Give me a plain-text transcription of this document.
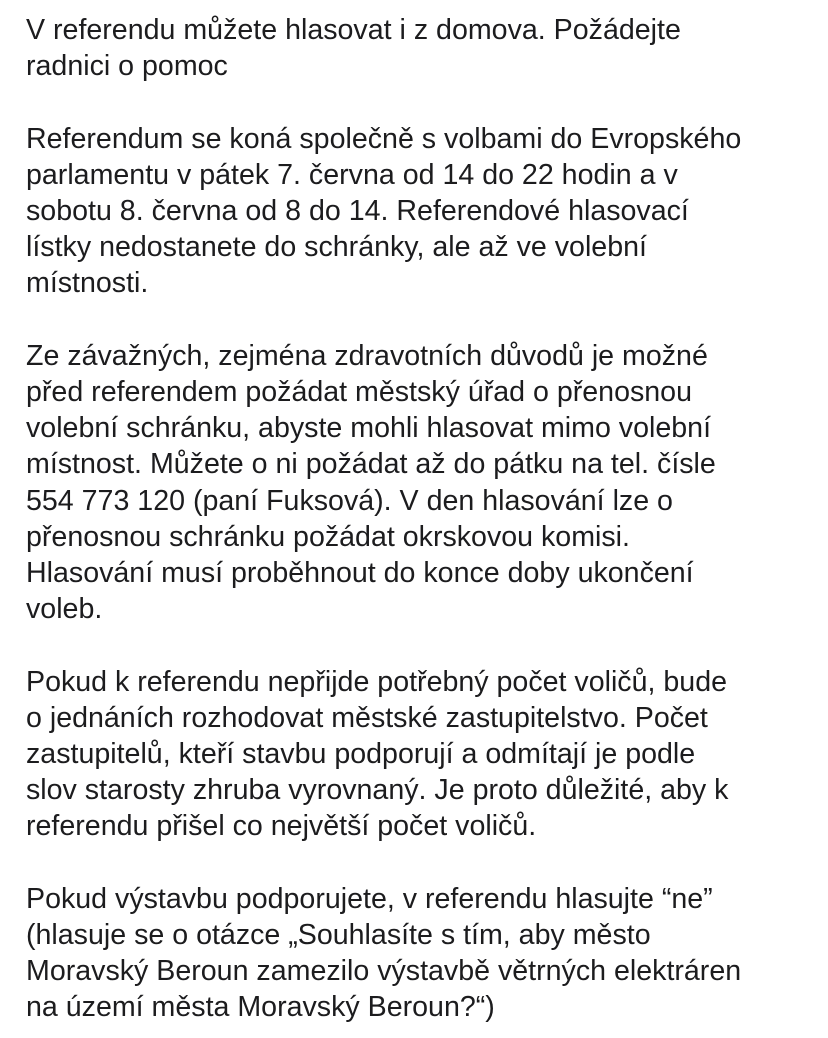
V referendu můžete hlasovat i z domova. Požádejte
radnici o pomoc

Referendum se koná společně s volbami do Evropského
parlamentu v pátek 7. června od 14 do 22 hodin a v
sobotu 8. června od 8 do 14. Referendové hlasovací
lístky nedostanete do schránky, ale až ve volební
místnosti.

Ze závažných, zejména zdravotních důvodů je možné
před referendem požádat městský úřad o přenosnou
volební schránku, abyste mohli hlasovat mimo volební
místnost. Můžete o ni požádat až do pátku na tel. čísle
554 773 120 (paní Fuksová). V den hlasování lze o
přenosnou schránku požádat okrskovou komisi.
Hlasování musí proběhnout do konce doby ukončení
voleb.

Pokud k referendu nepřijde potřebný počet voličů, bude
o jednáních rozhodovat městské zastupitelstvo. Počet
zastupitelů, kteří stavbu podporují a odmítají je podle
slov starosty zhruba vyrovnaný. Je proto důležité, aby k
referendu přišel co největší počet voličů.

Pokud výstavbu podporujete, v referendu hlasujte “ne”
(hlasuje se o otázce „Souhlasíte s tím, aby město
Moravský Beroun zamezilo výstavbě větrných elektráren
na území města Moravský Beroun?“)
